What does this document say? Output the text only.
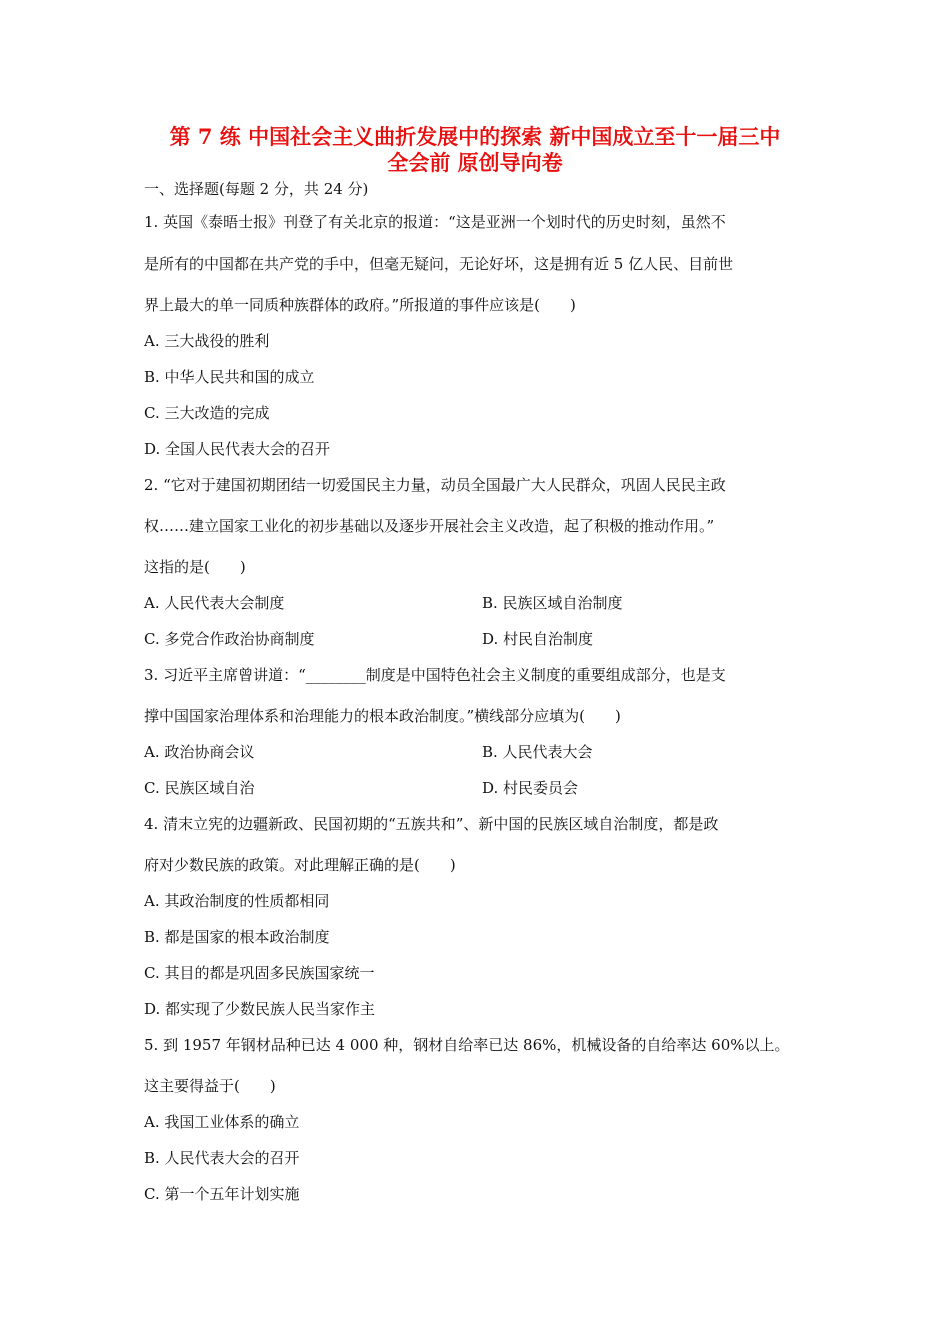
第 7 练 中国社会主义曲折发展中的探索 新中国成立至十一届三中
全会前 原创导向卷
一、选择题(每题 2 分，共 24 分)
1. 英国《泰晤士报》刊登了有关北京的报道：“这是亚洲一个划时代的历史时刻，虽然不
是所有的中国都在共产党的手中，但毫无疑问，无论好坏，这是拥有近 5 亿人民、目前世
界上最大的单一同质种族群体的政府。”所报道的事件应该是(　　)
A. 三大战役的胜利
B. 中华人民共和国的成立
C. 三大改造的完成
D. 全国人民代表大会的召开
2. “它对于建国初期团结一切爱国民主力量，动员全国最广大人民群众，巩固人民民主政
权……建立国家工业化的初步基础以及逐步开展社会主义改造，起了积极的推动作用。”
这指的是(　　)
A. 人民代表大会制度	B. 民族区域自治制度
C. 多党合作政治协商制度	D. 村民自治制度
3. 习近平主席曾讲道：“________制度是中国特色社会主义制度的重要组成部分，也是支
撑中国国家治理体系和治理能力的根本政治制度。”横线部分应填为(　　)
A. 政治协商会议	B. 人民代表大会
C. 民族区域自治	D. 村民委员会
4. 清末立宪的边疆新政、民国初期的“五族共和”、新中国的民族区域自治制度，都是政
府对少数民族的政策。对此理解正确的是(　　)
A. 其政治制度的性质都相同
B. 都是国家的根本政治制度
C. 其目的都是巩固多民族国家统一
D. 都实现了少数民族人民当家作主
5. 到 1957 年钢材品种已达 4 000 种，钢材自给率已达 86%，机械设备的自给率达 60%以上。
这主要得益于(　　)
A. 我国工业体系的确立
B. 人民代表大会的召开
C. 第一个五年计划实施
